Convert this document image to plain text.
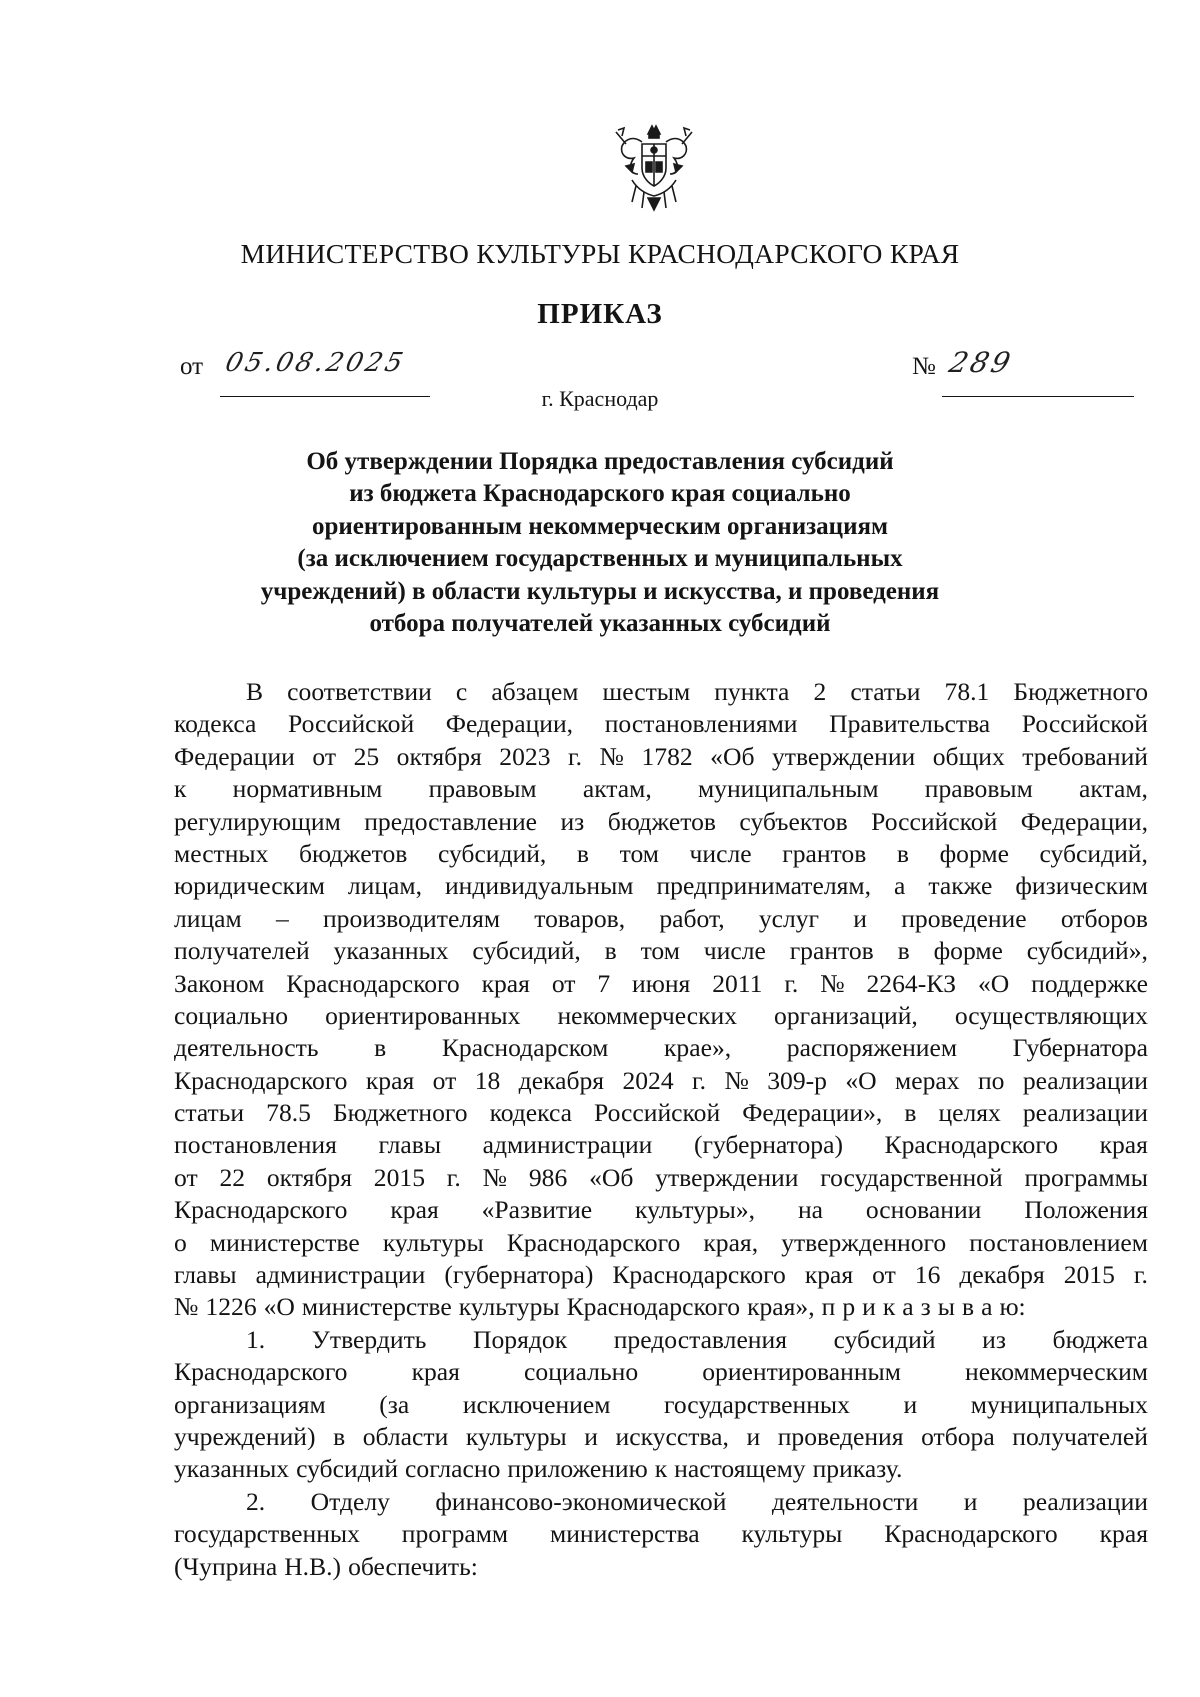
МИНИСТЕРСТВО КУЛЬТУРЫ КРАСНОДАРСКОГО КРАЯ
ПРИКАЗ
от 05.08.2025	№ 289
г. Краснодар
Об утверждении Порядка предоставления субсидий
из бюджета Краснодарского края социально
ориентированным некоммерческим организациям
(за исключением государственных и муниципальных
учреждений) в области культуры и искусства, и проведения
отбора получателей указанных субсидий
В соответствии с абзацем шестым пункта 2 статьи 78.1 Бюджетного
кодекса Российской Федерации, постановлениями Правительства Российской
Федерации от 25 октября 2023 г. № 1782 «Об утверждении общих требований
к нормативным правовым актам, муниципальным правовым актам,
регулирующим предоставление из бюджетов субъектов Российской Федерации,
местных бюджетов субсидий, в том числе грантов в форме субсидий,
юридическим лицам, индивидуальным предпринимателям, а также физическим
лицам – производителям товаров, работ, услуг и проведение отборов
получателей указанных субсидий, в том числе грантов в форме субсидий»,
Законом Краснодарского края от 7 июня 2011 г. № 2264-КЗ «О поддержке
социально ориентированных некоммерческих организаций, осуществляющих
деятельность в Краснодарском крае», распоряжением Губернатора
Краснодарского края от 18 декабря 2024 г. № 309-р «О мерах по реализации
статьи 78.5 Бюджетного кодекса Российской Федерации», в целях реализации
постановления главы администрации (губернатора) Краснодарского края
от 22 октября 2015 г. № 986 «Об утверждении государственной программы
Краснодарского края «Развитие культуры», на основании Положения
о министерстве культуры Краснодарского края, утвержденного постановлением
главы администрации (губернатора) Краснодарского края от 16 декабря 2015 г.
№ 1226 «О министерстве культуры Краснодарского края», п р и к а з ы в а ю:
1. Утвердить Порядок предоставления субсидий из бюджета
Краснодарского	края	социально	ориентированным	некоммерческим
организациям (за исключением государственных и муниципальных
учреждений) в области культуры и искусства, и проведения отбора получателей
указанных субсидий согласно приложению к настоящему приказу.
2. Отделу финансово-экономической деятельности и реализации
государственных программ министерства культуры Краснодарского края
(Чуприна Н.В.) обеспечить:
